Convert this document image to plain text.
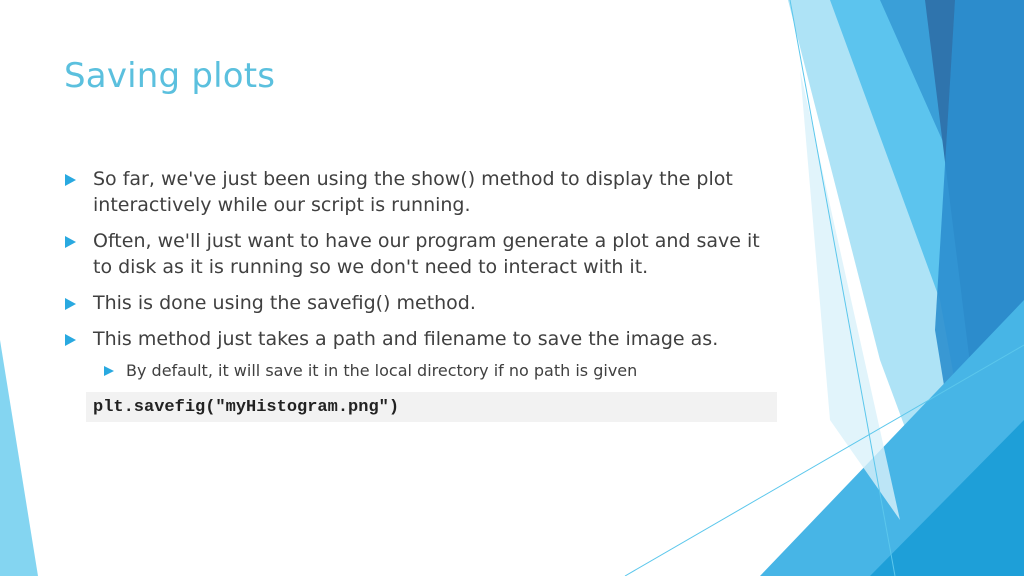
Saving plots
So far, we've just been using the show() method to display the plot interactively while our script is running.
Often, we'll just want to have our program generate a plot and save it to disk as it is running so we don't need to interact with it.
This is done using the savefig() method.
This method just takes a path and filename to save the image as.
By default, it will save it in the local directory if no path is given
plt.savefig("myHistogram.png")
